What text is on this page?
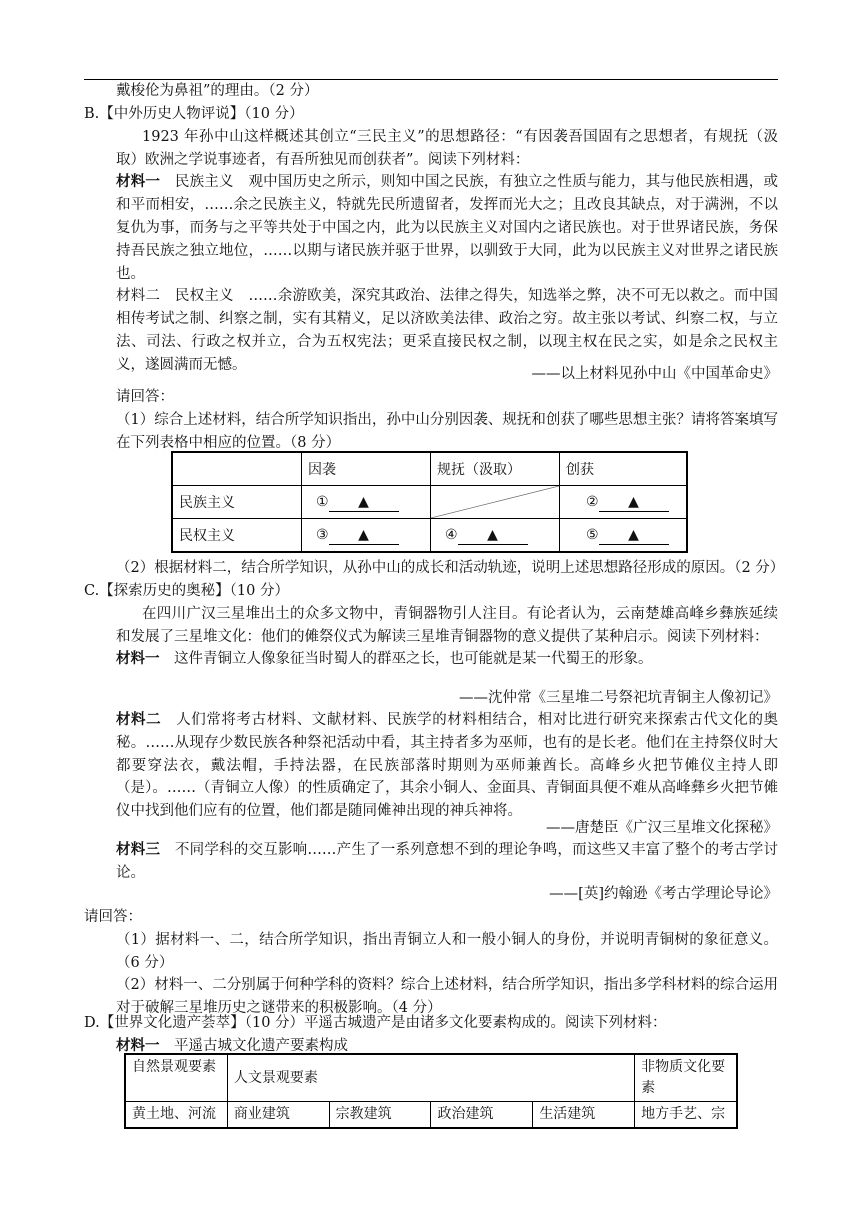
戴梭伦为鼻祖”的理由。（2 分）
B.【中外历史人物评说】（10 分）
1923 年孙中山这样概述其创立“三民主义”的思想路径：“有因袭吾国固有之思想者，有规抚（汲取）欧洲之学说事迹者，有吾所独见而创获者”。阅读下列材料：
材料一　民族主义　观中国历史之所示，则知中国之民族，有独立之性质与能力，其与他民族相遇，或和平而相安，……余之民族主义，特就先民所遗留者，发挥而光大之；且改良其缺点，对于满洲，不以复仇为事，而务与之平等共处于中国之内，此为以民族主义对国内之诸民族也。对于世界诸民族，务保持吾民族之独立地位，……以期与诸民族并驱于世界，以驯致于大同，此为以民族主义对世界之诸民族也。
材料二　民权主义　……余游欧美，深究其政治、法律之得失，知选举之弊，决不可无以救之。而中国相传考试之制、纠察之制，实有其精义，足以济欧美法律、政治之穷。故主张以考试、纠察二权，与立法、司法、行政之权并立，合为五权宪法；更采直接民权之制，以现主权在民之实，如是余之民权主义，遂圆满而无憾。
——以上材料见孙中山《中国革命史》
请回答：
（1）综合上述材料，结合所学知识指出，孙中山分别因袭、规抚和创获了哪些思想主张？请将答案填写在下列表格中相应的位置。（8 分）
	因袭	规抚（汲取）	创获
民族主义	① ▲		② ▲
民权主义	③ ▲	④ ▲	⑤ ▲
（2）根据材料二，结合所学知识，从孙中山的成长和活动轨迹，说明上述思想路径形成的原因。（2 分）
C.【探索历史的奥秘】（10 分）
在四川广汉三星堆出土的众多文物中，青铜器物引人注目。有论者认为，云南楚雄高峰乡彝族延续和发展了三星堆文化：他们的傩祭仪式为解读三星堆青铜器物的意义提供了某种启示。阅读下列材料：
材料一　这件青铜立人像象征当时蜀人的群巫之长，也可能就是某一代蜀王的形象。
——沈仲常《三星堆二号祭祀坑青铜主人像初记》
材料二　人们常将考古材料、文献材料、民族学的材料相结合，相对比进行研究来探索古代文化的奥秘。……从现存少数民族各种祭祀活动中看，其主持者多为巫师，也有的是长老。他们在主持祭仪时大都要穿法衣，戴法帽，手持法器，在民族部落时期则为巫师兼酋长。高峰乡火把节傩仪主持人即（是）。……（青铜立人像）的性质确定了，其余小铜人、金面具、青铜面具便不难从高峰彝乡火把节傩仪中找到他们应有的位置，他们都是随同傩神出现的神兵神将。
——唐楚臣《广汉三星堆文化探秘》
材料三　不同学科的交互影响……产生了一系列意想不到的理论争鸣，而这些又丰富了整个的考古学讨论。
——[英]约翰逊《考古学理论导论》
请回答：
（1）据材料一、二，结合所学知识，指出青铜立人和一般小铜人的身份，并说明青铜树的象征意义。（6 分）
（2）材料一、二分别属于何种学科的资料？综合上述材料，结合所学知识，指出多学科材料的综合运用对于破解三星堆历史之谜带来的积极影响。（4 分）
D.【世界文化遗产荟萃】（10 分）平遥古城遗产是由诸多文化要素构成的。阅读下列材料：
材料一　平遥古城文化遗产要素构成
自然景观要素	人文景观要素				非物质文化要素
黄土地、河流	商业建筑	宗教建筑	政治建筑	生活建筑	地方手艺、宗
